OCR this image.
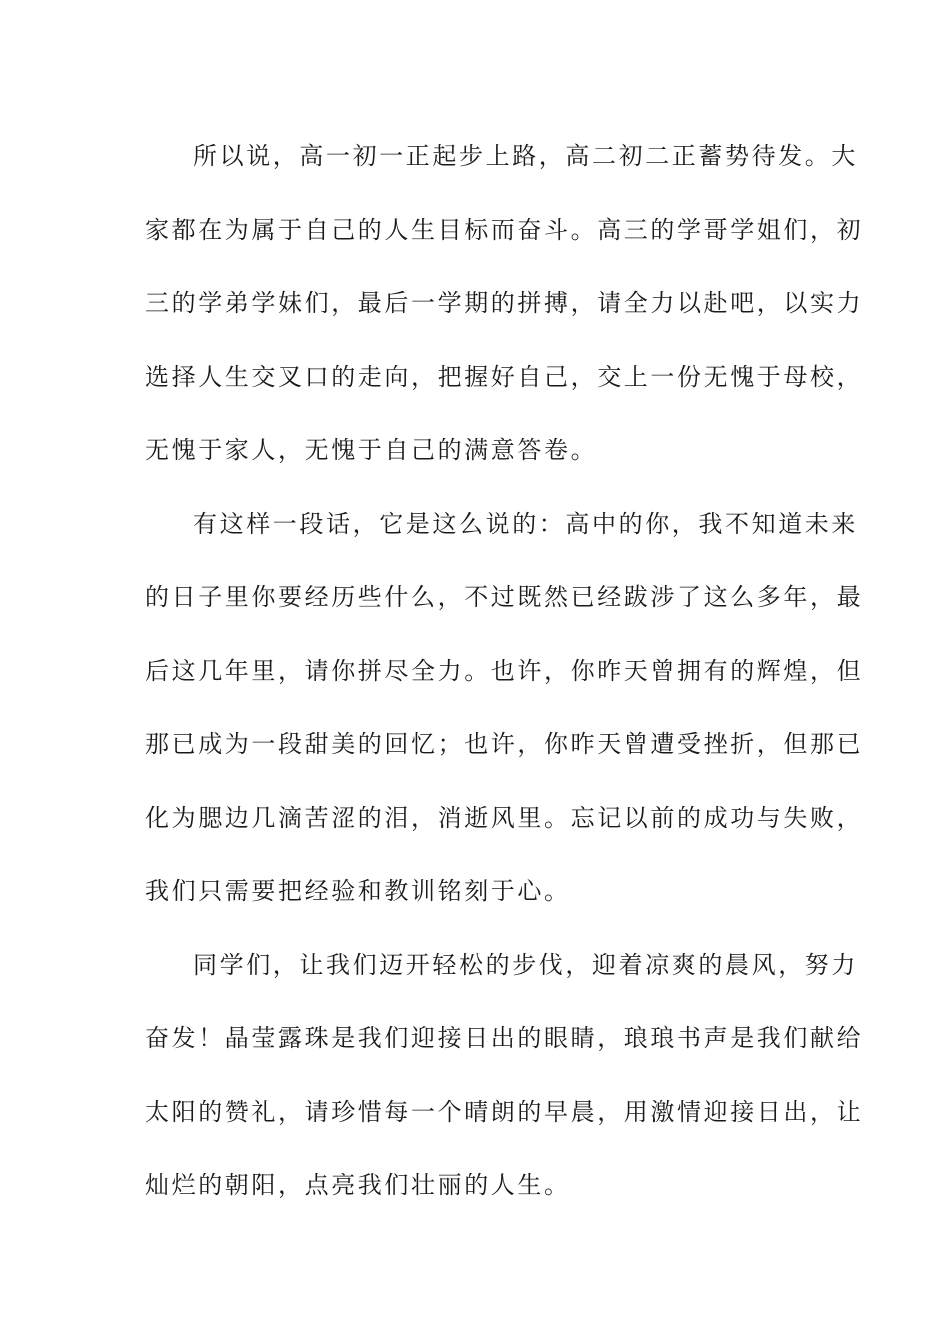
所以说，高一初一正起步上路，高二初二正蓄势待发。大
家都在为属于自己的人生目标而奋斗。高三的学哥学姐们，初
三的学弟学妹们，最后一学期的拼搏，请全力以赴吧，以实力
选择人生交叉口的走向，把握好自己，交上一份无愧于母校，
无愧于家人，无愧于自己的满意答卷。
有这样一段话，它是这么说的：高中的你，我不知道未来
的日子里你要经历些什么，不过既然已经跋涉了这么多年，最
后这几年里，请你拼尽全力。也许，你昨天曾拥有的辉煌，但
那已成为一段甜美的回忆；也许，你昨天曾遭受挫折，但那已
化为腮边几滴苦涩的泪，消逝风里。忘记以前的成功与失败，
我们只需要把经验和教训铭刻于心。
同学们，让我们迈开轻松的步伐，迎着凉爽的晨风，努力
奋发！晶莹露珠是我们迎接日出的眼睛，琅琅书声是我们献给
太阳的赞礼，请珍惜每一个晴朗的早晨，用激情迎接日出，让
灿烂的朝阳，点亮我们壮丽的人生。
